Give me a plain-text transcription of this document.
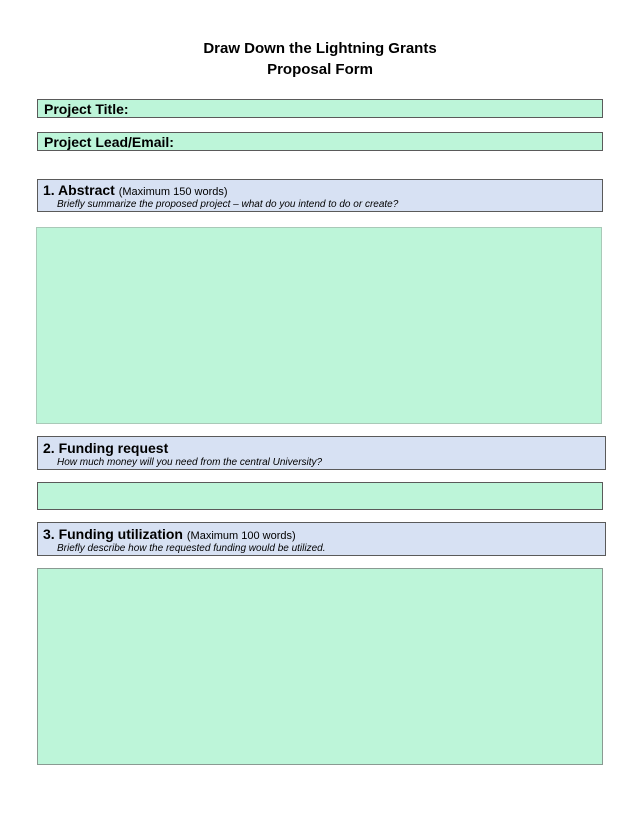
Draw Down the Lightning Grants
Proposal Form
Project Title:
Project Lead/Email:
1. Abstract (Maximum 150 words)
Briefly summarize the proposed project – what do you intend to do or create?
2. Funding request
How much money will you need from the central University?
3. Funding utilization (Maximum 100 words)
Briefly describe how the requested funding would be utilized.
